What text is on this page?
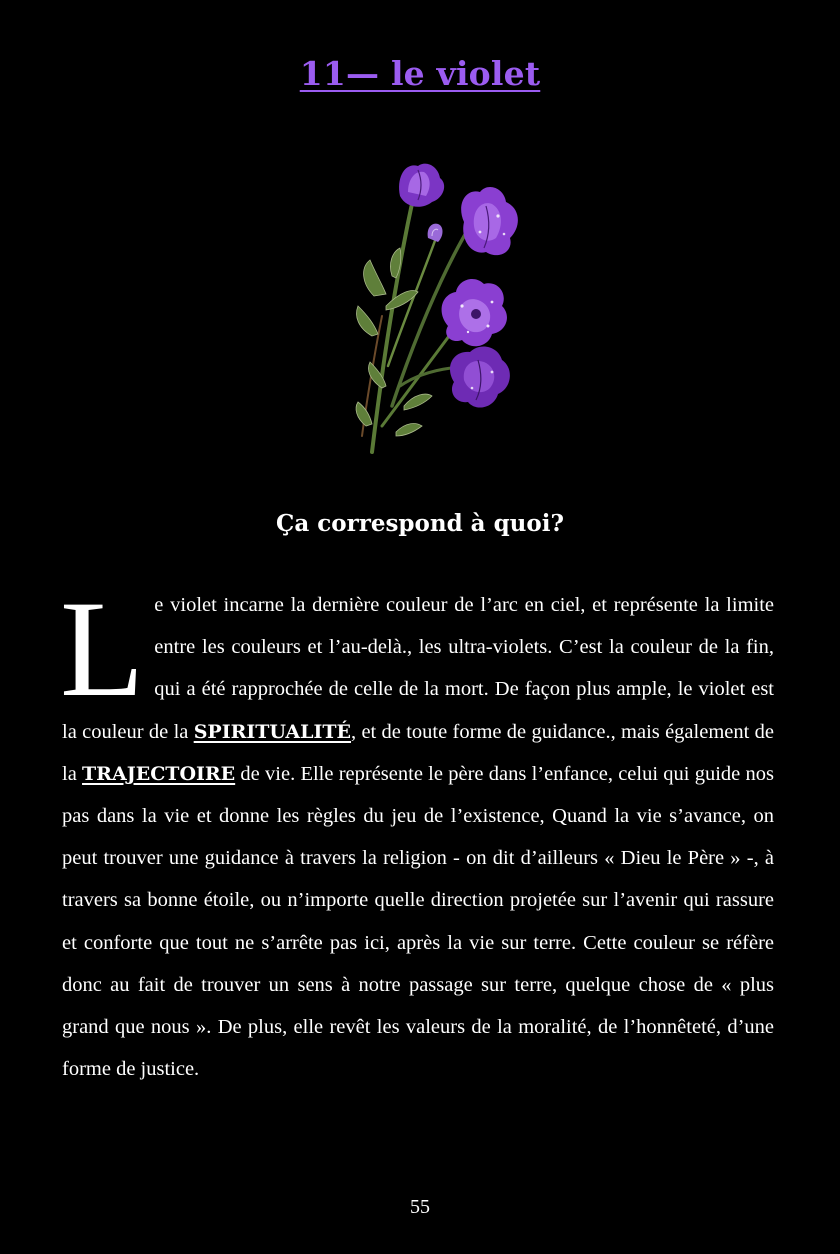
11— le violet
Ça correspond à quoi?

Le violet incarne la dernière couleur de l’arc en ciel, et représente la limite entre les couleurs et l’au-delà., les ultra-violets. C’est la couleur de la fin, qui a été rapprochée de celle de la mort. De façon plus ample, le violet est la couleur de la SPIRITUALITÉ, et de toute forme de guidance., mais également de la TRAJECTOIRE de vie. Elle représente le père dans l’enfance, celui qui guide nos pas dans la vie et donne les règles du jeu de l’existence, Quand la vie s’avance, on peut trouver une guidance à travers la religion - on dit d’ailleurs « Dieu le Père » -, à travers sa bonne étoile, ou n’importe quelle direction projetée sur l’avenir qui rassure et conforte que tout ne s’arrête pas ici, après la vie sur terre. Cette couleur se réfère donc au fait de trouver un sens à notre passage sur terre, quelque chose de « plus grand que nous ». De plus, elle revêt les valeurs de la moralité, de l’honnêteté, d’une forme de justice.

55
